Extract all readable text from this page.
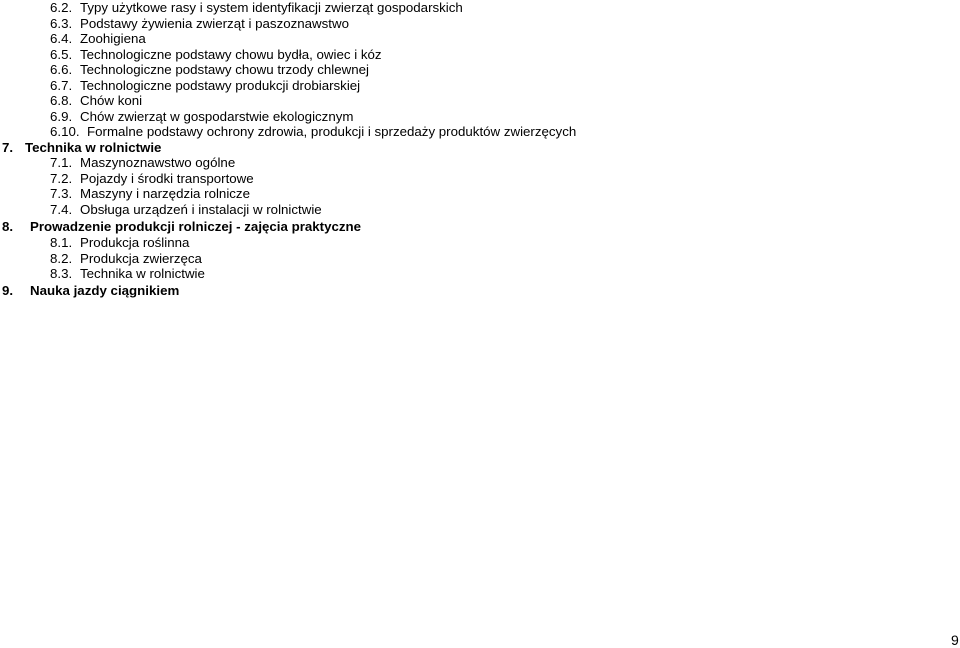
6.2. Typy użytkowe rasy i system identyfikacji zwierząt gospodarskich
6.3. Podstawy żywienia zwierząt i paszoznawstwo
6.4. Zoohigiena
6.5. Technologiczne podstawy chowu bydła, owiec i kóz
6.6. Technologiczne podstawy chowu trzody chlewnej
6.7. Technologiczne podstawy produkcji drobiarskiej
6.8. Chów koni
6.9. Chów zwierząt w gospodarstwie ekologicznym
6.10. Formalne podstawy ochrony zdrowia, produkcji i sprzedaży produktów zwierzęcych
7. Technika w rolnictwie
7.1. Maszynoznawstwo ogólne
7.2. Pojazdy i środki transportowe
7.3. Maszyny i narzędzia rolnicze
7.4. Obsługa urządzeń i instalacji w rolnictwie
8. Prowadzenie produkcji rolniczej - zajęcia praktyczne
8.1. Produkcja roślinna
8.2. Produkcja zwierzęca
8.3. Technika w rolnictwie
9. Nauka jazdy ciągnikiem
9
